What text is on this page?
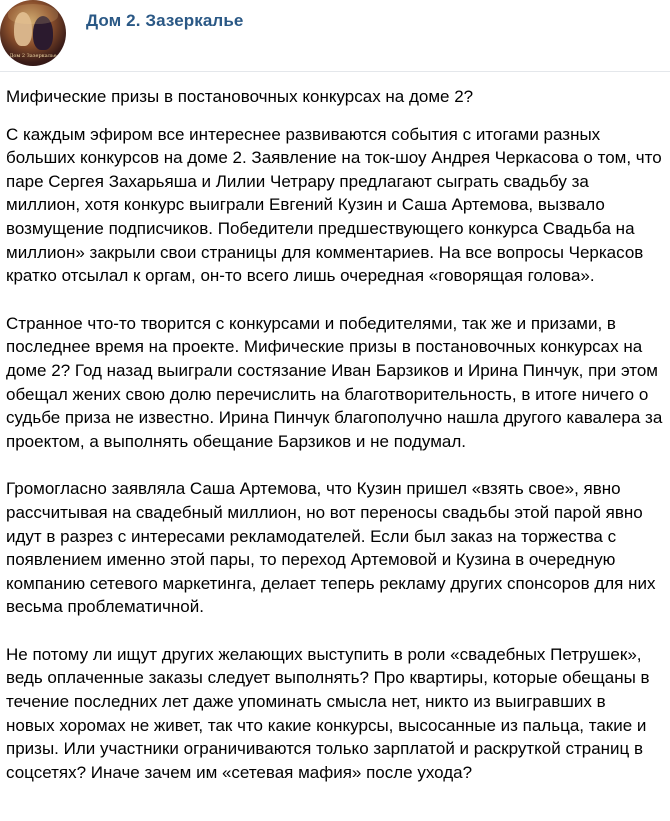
Дом 2 Зазеркалье
Дом 2. Зазеркалье

Мифические призы в постановочных конкурсах на доме 2?

С каждым эфиром все интереснее развиваются события с итогами разных
больших конкурсов на доме 2. Заявление на ток-шоу Андрея Черкасова о том, что
паре Сергея Захарьяша и Лилии Четрару предлагают сыграть свадьбу за
миллион, хотя конкурс выиграли Евгений Кузин и Саша Артемова, вызвало
возмущение подписчиков. Победители предшествующего конкурса Свадьба на
миллион» закрыли свои страницы для комментариев. На все вопросы Черкасов
кратко отсылал к оргам, он-то всего лишь очередная «говорящая голова».

Странное что-то творится с конкурсами и победителями, так же и призами, в
последнее время на проекте. Мифические призы в постановочных конкурсах на
доме 2? Год назад выиграли состязание Иван Барзиков и Ирина Пинчук, при этом
обещал жених свою долю перечислить на благотворительность, в итоге ничего о
судьбе приза не известно. Ирина Пинчук благополучно нашла другого кавалера за
проектом, а выполнять обещание Барзиков и не подумал.

Громогласно заявляла Саша Артемова, что Кузин пришел «взять свое», явно
рассчитывая на свадебный миллион, но вот переносы свадьбы этой парой явно
идут в разрез с интересами рекламодателей. Если был заказ на торжества с
появлением именно этой пары, то переход Артемовой и Кузина в очередную
компанию сетевого маркетинга, делает теперь рекламу других спонсоров для них
весьма проблематичной.

Не потому ли ищут других желающих выступить в роли «свадебных Петрушек»,
ведь оплаченные заказы следует выполнять? Про квартиры, которые обещаны в
течение последних лет даже упоминать смысла нет, никто из выигравших в
новых хоромах не живет, так что какие конкурсы, высосанные из пальца, такие и
призы. Или участники ограничиваются только зарплатой и раскруткой страниц в
соцсетях? Иначе зачем им «сетевая мафия» после ухода?
